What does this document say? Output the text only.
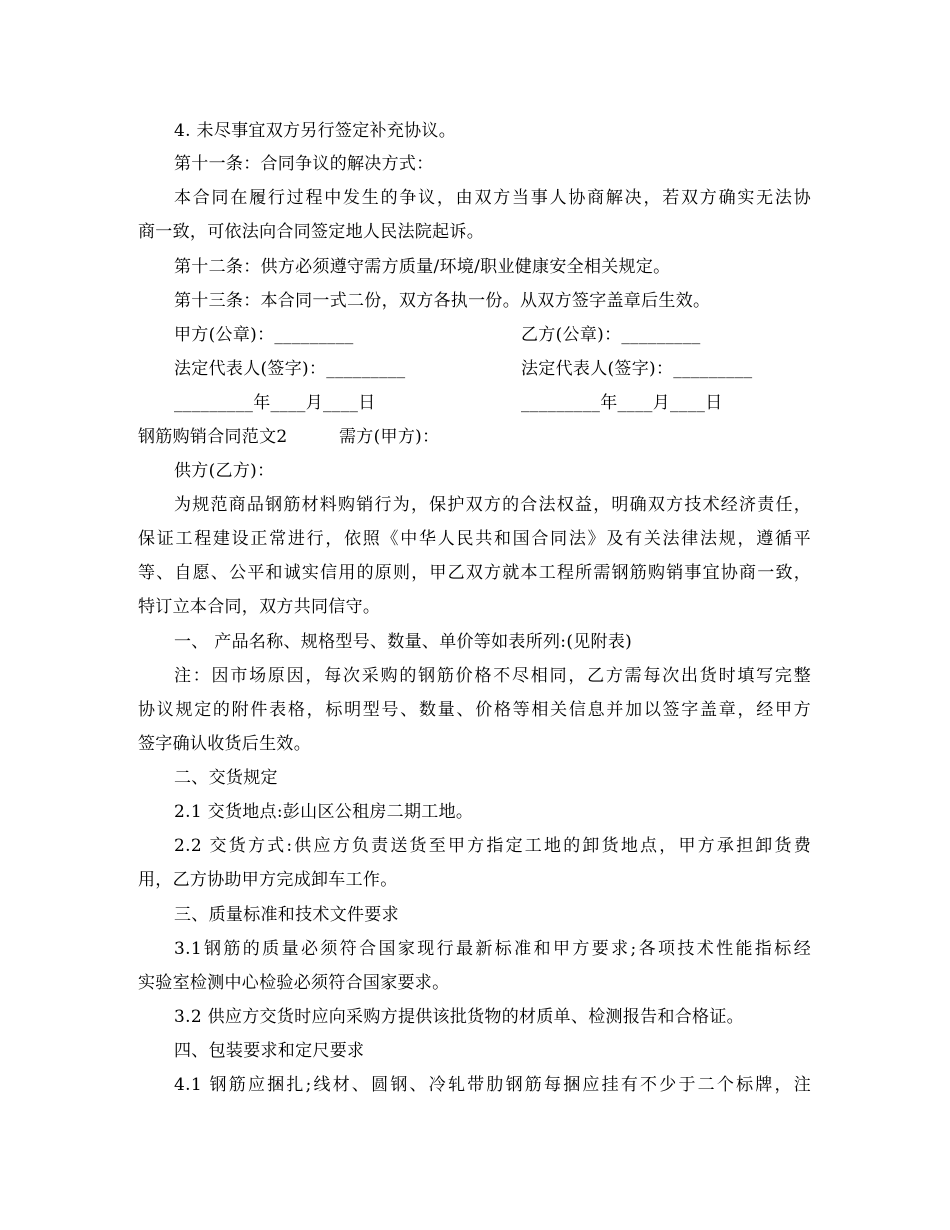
4. 未尽事宜双方另行签定补充协议。
第十一条：合同争议的解决方式：
本合同在履行过程中发生的争议，由双方当事人协商解决，若双方确实无法协
商一致，可依法向合同签定地人民法院起诉。
第十二条：供方必须遵守需方质量/环境/职业健康安全相关规定。
第十三条：本合同一式二份，双方各执一份。从双方签字盖章后生效。
甲方(公章)：_________	乙方(公章)：_________
法定代表人(签字)：_________	法定代表人(签字)：_________
_________年____月____日	_________年____月____日
钢筋购销合同范文2	需方(甲方)：
供方(乙方)：
为规范商品钢筋材料购销行为，保护双方的合法权益，明确双方技术经济责任，
保证工程建设正常进行，依照《中华人民共和国合同法》及有关法律法规，遵循平
等、自愿、公平和诚实信用的原则，甲乙双方就本工程所需钢筋购销事宜协商一致，
特订立本合同，双方共同信守。
一、 产品名称、规格型号、数量、单价等如表所列:(见附表)
注：因市场原因，每次采购的钢筋价格不尽相同，乙方需每次出货时填写完整
协议规定的附件表格，标明型号、数量、价格等相关信息并加以签字盖章，经甲方
签字确认收货后生效。
二、交货规定
2.1 交货地点:彭山区公租房二期工地。
2.2 交货方式:供应方负责送货至甲方指定工地的卸货地点，甲方承担卸货费
用，乙方协助甲方完成卸车工作。
三、质量标准和技术文件要求
3.1钢筋的质量必须符合国家现行最新标准和甲方要求;各项技术性能指标经
实验室检测中心检验必须符合国家要求。
3.2 供应方交货时应向采购方提供该批货物的材质单、检测报告和合格证。
四、包装要求和定尺要求
4.1 钢筋应捆扎;线材、圆钢、冷轧带肋钢筋每捆应挂有不少于二个标牌，注
